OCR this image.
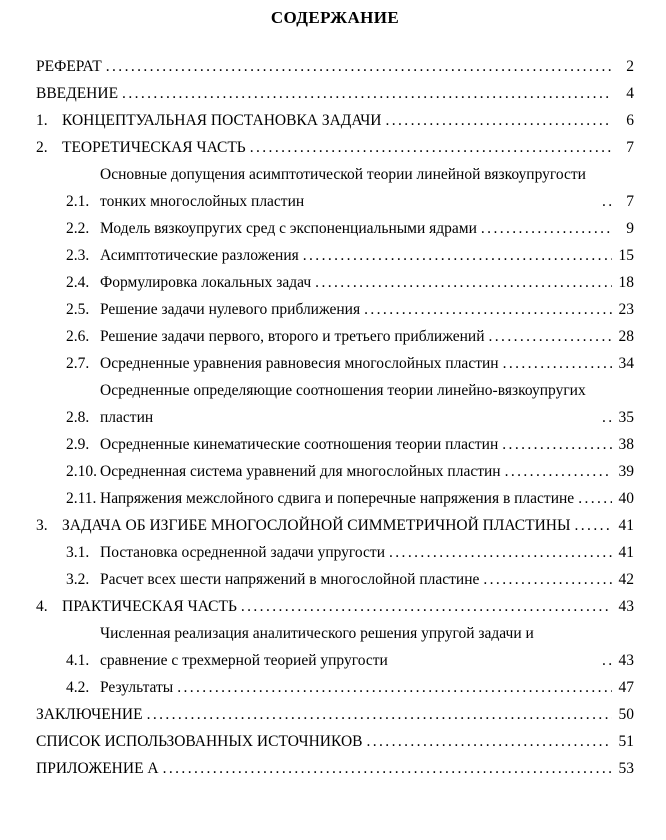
СОДЕРЖАНИЕ
РЕФЕРАТ .....	2
ВВЕДЕНИЕ .....	4
1. КОНЦЕПТУАЛЬНАЯ ПОСТАНОВКА ЗАДАЧИ .....	6
2. ТЕОРЕТИЧЕСКАЯ ЧАСТЬ .....	7
2.1.
Основные допущения асимптотической теории линейной вязкоупругости тонких многослойных пластин .....	7
2.2. Модель вязкоупругих сред с экспоненциальными ядрами .....	9
2.3. Асимптотические разложения .....	15
2.4. Формулировка локальных задач .....	18
2.5. Решение задачи нулевого приближения .....	23
2.6. Решение задачи первого, второго и третьего приближений .....	28
2.7. Осредненные уравнения равновесия многослойных пластин .....	34
2.8.
Осредненные определяющие соотношения теории линейно-вязкоупругих пластин .....	35
2.9. Осредненные кинематические соотношения теории пластин .....	38
2.10. Осредненная система уравнений для многослойных пластин .....	39
2.11. Напряжения межслойного сдвига и поперечные напряжения в пластине .....	40
3. ЗАДАЧА ОБ ИЗГИБЕ МНОГОСЛОЙНОЙ СИММЕТРИЧНОЙ ПЛАСТИНЫ .....	41
3.1. Постановка осредненной задачи упругости .....	41
3.2. Расчет всех шести напряжений в многослойной пластине .....	42
4. ПРАКТИЧЕСКАЯ ЧАСТЬ .....	43
4.1.
Численная реализация аналитического решения упругой задачи и сравнение с трехмерной теорией упругости .....	43
4.2. Результаты .....	47
ЗАКЛЮЧЕНИЕ .....	50
СПИСОК ИСПОЛЬЗОВАННЫХ ИСТОЧНИКОВ .....	51
ПРИЛОЖЕНИЕ А .....	53
